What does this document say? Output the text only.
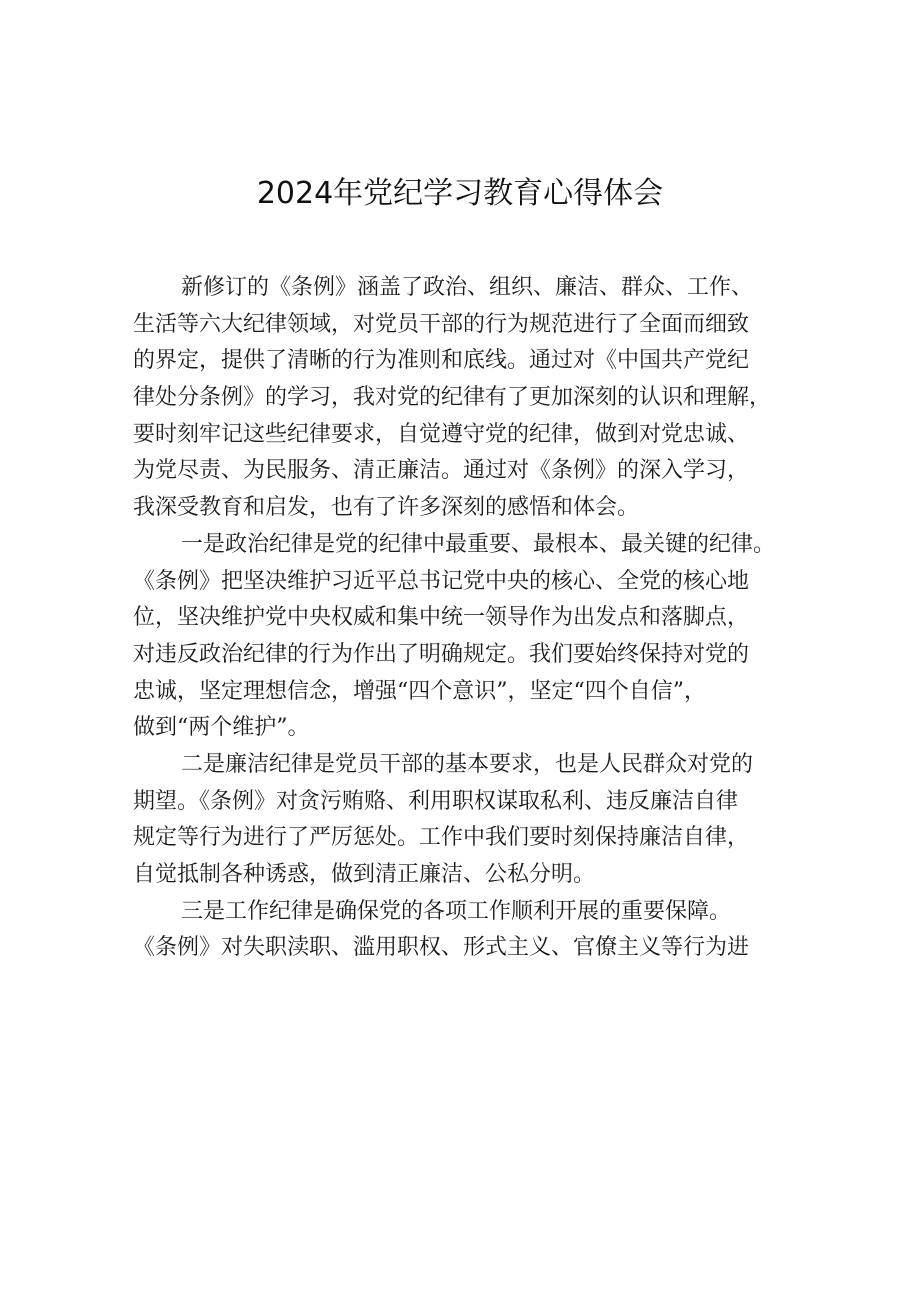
2024年党纪学习教育心得体会
新修订的《条例》涵盖了政治、组织、廉洁、群众、工作、
生活等六大纪律领域，对党员干部的行为规范进行了全面而细致
的界定，提供了清晰的行为准则和底线。通过对《中国共产党纪
律处分条例》的学习，我对党的纪律有了更加深刻的认识和理解，
要时刻牢记这些纪律要求，自觉遵守党的纪律，做到对党忠诚、
为党尽责、为民服务、清正廉洁。通过对《条例》的深入学习，
我深受教育和启发，也有了许多深刻的感悟和体会。
一是政治纪律是党的纪律中最重要、最根本、最关键的纪律。
《条例》把坚决维护习近平总书记党中央的核心、全党的核心地
位，坚决维护党中央权威和集中统一领导作为出发点和落脚点，
对违反政治纪律的行为作出了明确规定。我们要始终保持对党的
忠诚，坚定理想信念，增强“四个意识”，坚定“四个自信”，
做到“两个维护”。
二是廉洁纪律是党员干部的基本要求，也是人民群众对党的
期望。《条例》对贪污贿赂、利用职权谋取私利、违反廉洁自律
规定等行为进行了严厉惩处。工作中我们要时刻保持廉洁自律，
自觉抵制各种诱惑，做到清正廉洁、公私分明。
三是工作纪律是确保党的各项工作顺利开展的重要保障。
《条例》对失职渎职、滥用职权、形式主义、官僚主义等行为进
